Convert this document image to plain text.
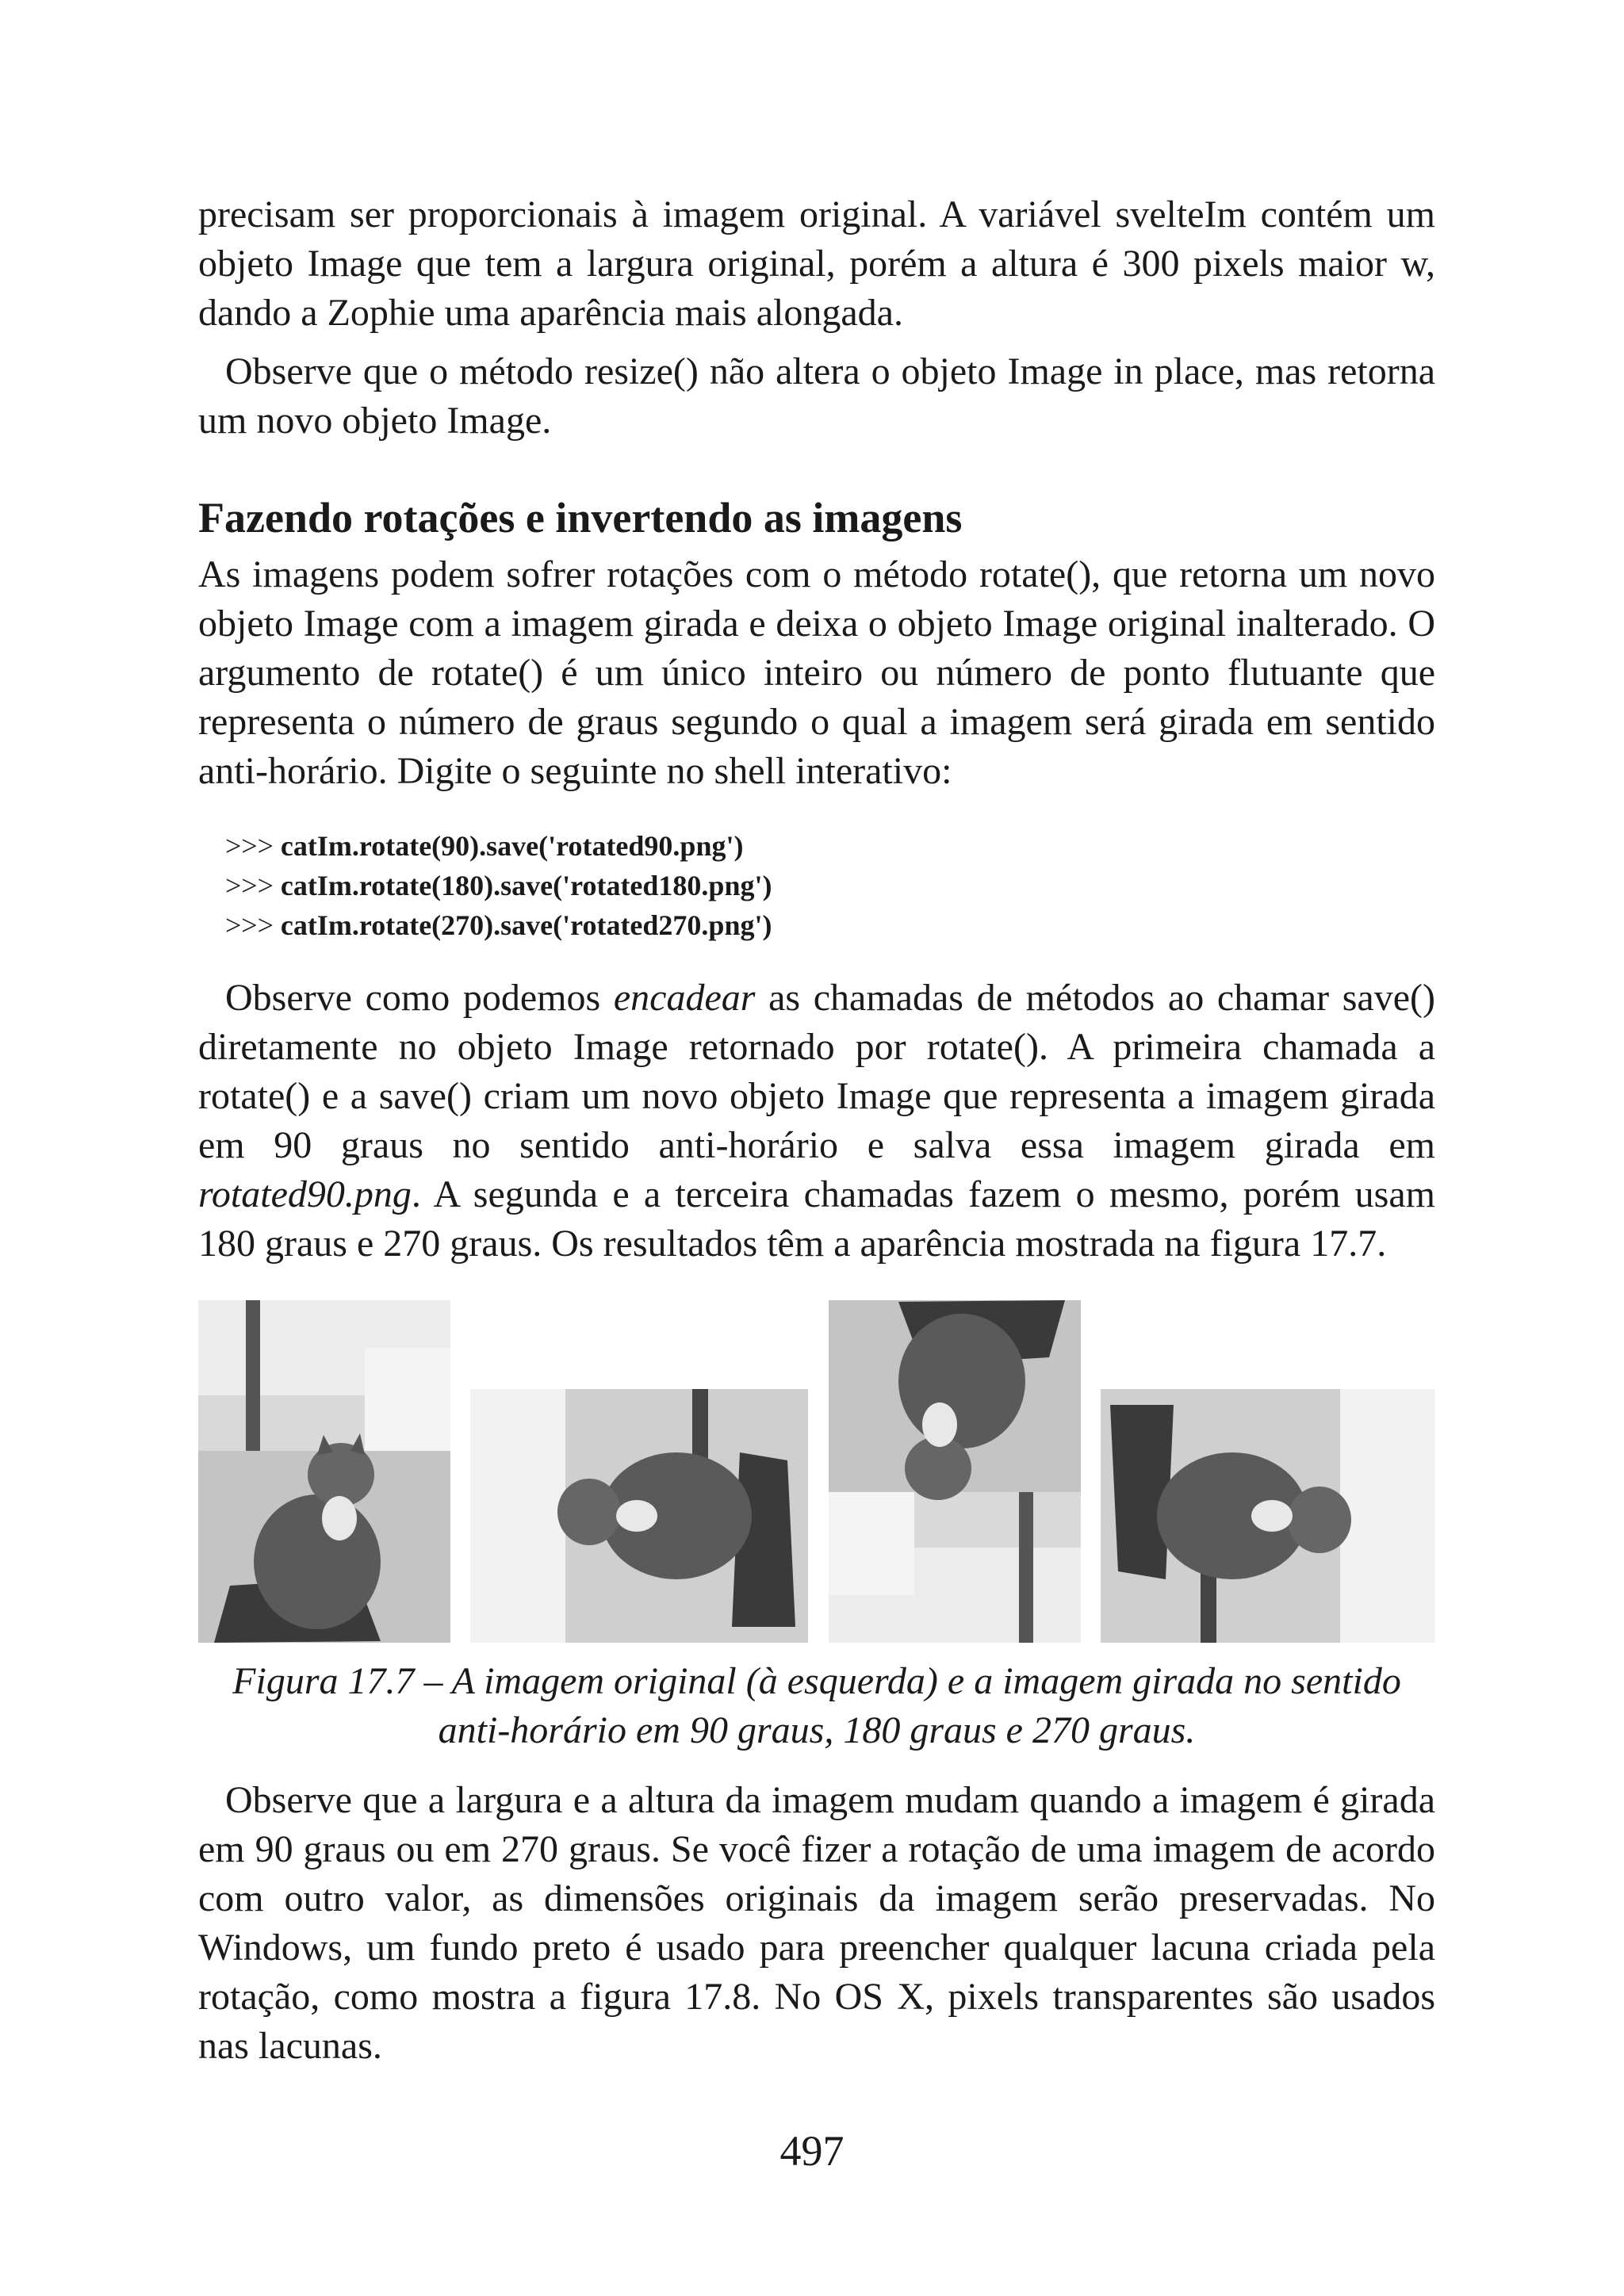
precisam ser proporcionais à imagem original. A variável svelteIm contém um objeto Image que tem a largura original, porém a altura é 300 pixels maior w, dando a Zophie uma aparência mais alongada.

Observe que o método resize() não altera o objeto Image in place, mas retorna um novo objeto Image.

Fazendo rotações e invertendo as imagens

As imagens podem sofrer rotações com o método rotate(), que retorna um novo objeto Image com a imagem girada e deixa o objeto Image original inalterado. O argumento de rotate() é um único inteiro ou número de ponto flutuante que representa o número de graus segundo o qual a imagem será girada em sentido anti-horário. Digite o seguinte no shell interativo:

>>> catIm.rotate(90).save('rotated90.png')
>>> catIm.rotate(180).save('rotated180.png')
>>> catIm.rotate(270).save('rotated270.png')

Observe como podemos encadear as chamadas de métodos ao chamar save() diretamente no objeto Image retornado por rotate(). A primeira chamada a rotate() e a save() criam um novo objeto Image que representa a imagem girada em 90 graus no sentido anti-horário e salva essa imagem girada em rotated90.png. A segunda e a terceira chamadas fazem o mesmo, porém usam 180 graus e 270 graus. Os resultados têm a aparência mostrada na figura 17.7.

Figura 17.7 – A imagem original (à esquerda) e a imagem girada no sentido anti-horário em 90 graus, 180 graus e 270 graus.

Observe que a largura e a altura da imagem mudam quando a imagem é girada em 90 graus ou em 270 graus. Se você fizer a rotação de uma imagem de acordo com outro valor, as dimensões originais da imagem serão preservadas. No Windows, um fundo preto é usado para preencher qualquer lacuna criada pela rotação, como mostra a figura 17.8. No OS X, pixels transparentes são usados nas lacunas.

497
